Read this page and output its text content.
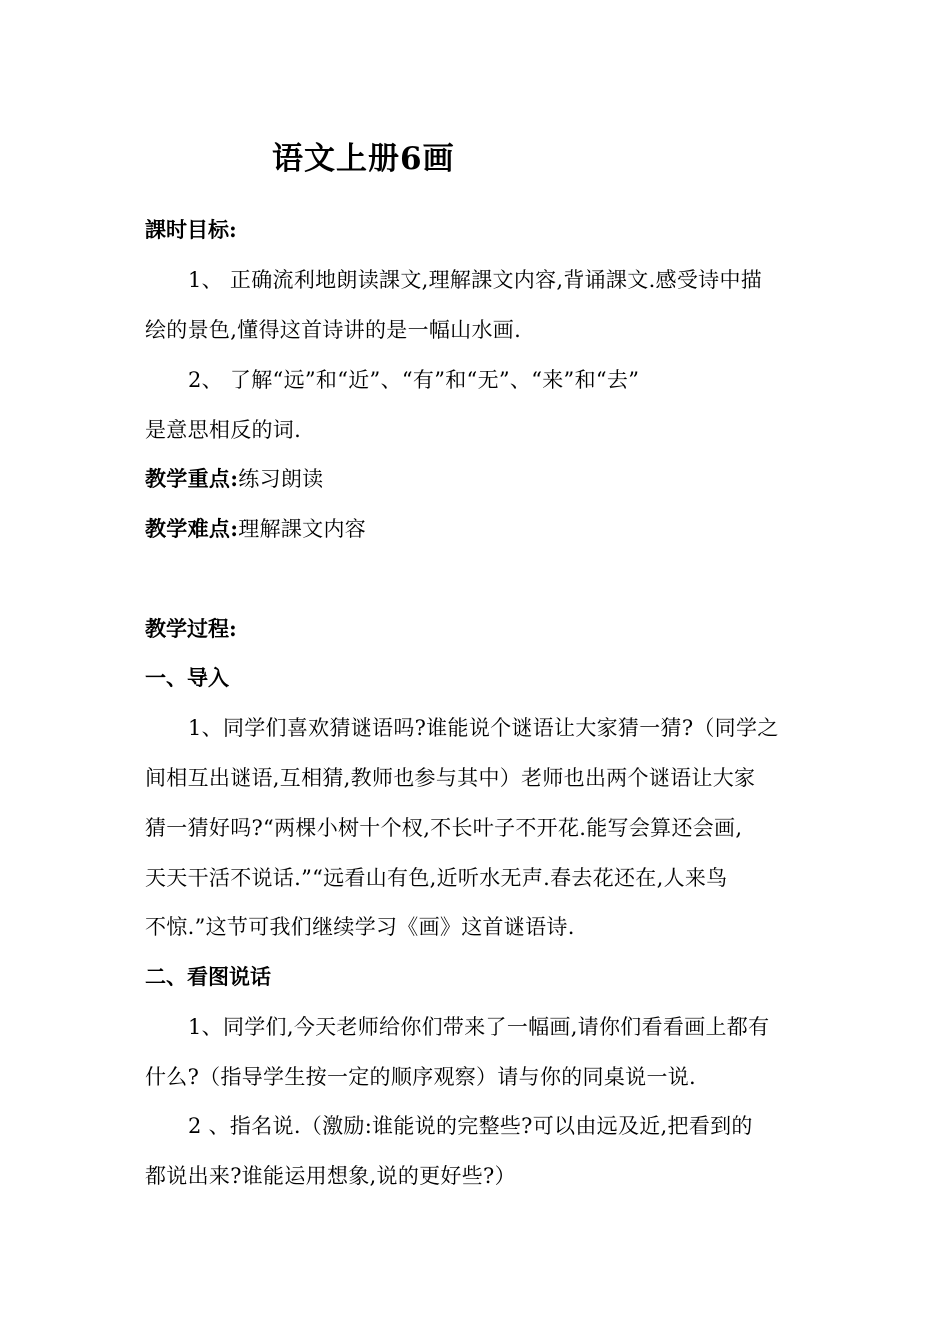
语文上册6画
課时目标:
1、 正确流利地朗读課文,理解課文内容,背诵課文.感受诗中描
绘的景色,懂得这首诗讲的是一幅山水画.
2、 了解“远”和“近”、“有”和“无”、“来”和“去”
是意思相反的词.
教学重点:练习朗读
教学难点:理解課文内容
教学过程:
一、导入
1、同学们喜欢猜谜语吗?谁能说个谜语让大家猜一猜?（同学之
间相互出谜语,互相猜,教师也参与其中）老师也出两个谜语让大家
猜一猜好吗?“两棵小树十个杈,不长叶子不开花.能写会算还会画,
天天干活不说话.”“远看山有色,近听水无声.春去花还在,人来鸟
不惊.”这节可我们继续学习《画》这首谜语诗.
二、看图说话
1、同学们,今天老师给你们带来了一幅画,请你们看看画上都有
什么?（指导学生按一定的顺序观察）请与你的同桌说一说.
2 、指名说.（激励:谁能说的完整些?可以由远及近,把看到的
都说出来?谁能运用想象,说的更好些?）
